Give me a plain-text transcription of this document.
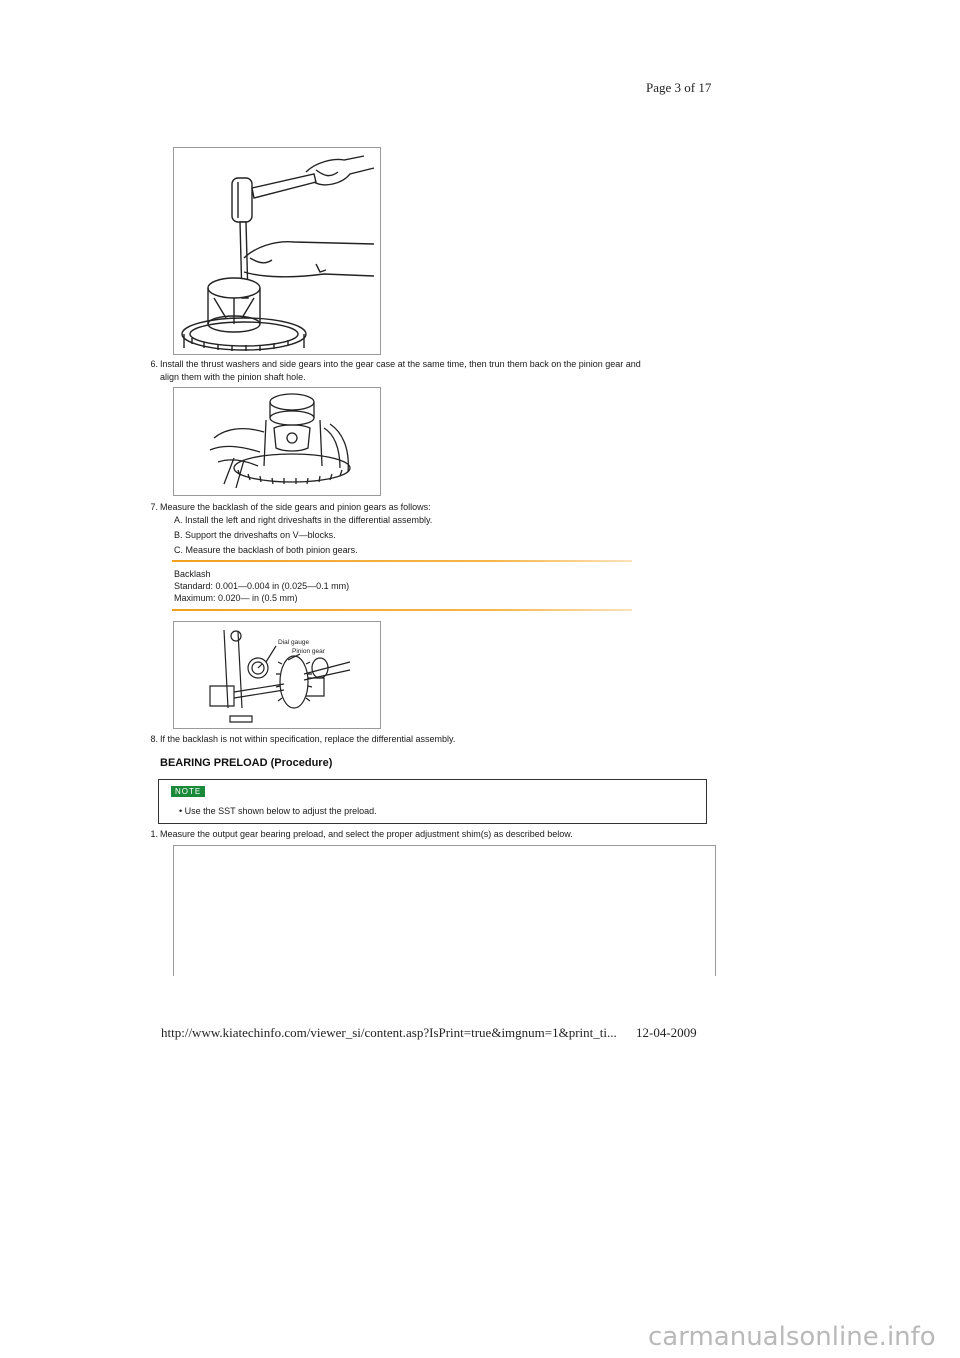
Page 3 of 17
6. Install the thrust washers and side gears into the gear case at the same time, then trun them back on the pinion gear and
align them with the pinion shaft hole.
7. Measure the backlash of the side gears and pinion gears as follows:
A. Install the left and right driveshafts in the differential assembly.
B. Support the driveshafts on V—blocks.
C. Measure the backlash of both pinion gears.
Backlash
Standard: 0.001—0.004 in (0.025—0.1 mm)
Maximum: 0.020— in (0.5 mm)
Dial gauge
Pinion gear
8. If the backlash is not within specification, replace the differential assembly.
BEARING PRELOAD (Procedure)
NOTE
• Use the SST shown below to adjust the preload.
1. Measure the output gear bearing preload, and select the proper adjustment shim(s) as described below.
http://www.kiatechinfo.com/viewer_si/content.asp?IsPrint=true&imgnum=1&print_ti... 12-04-2009
carmanualsonline.info
